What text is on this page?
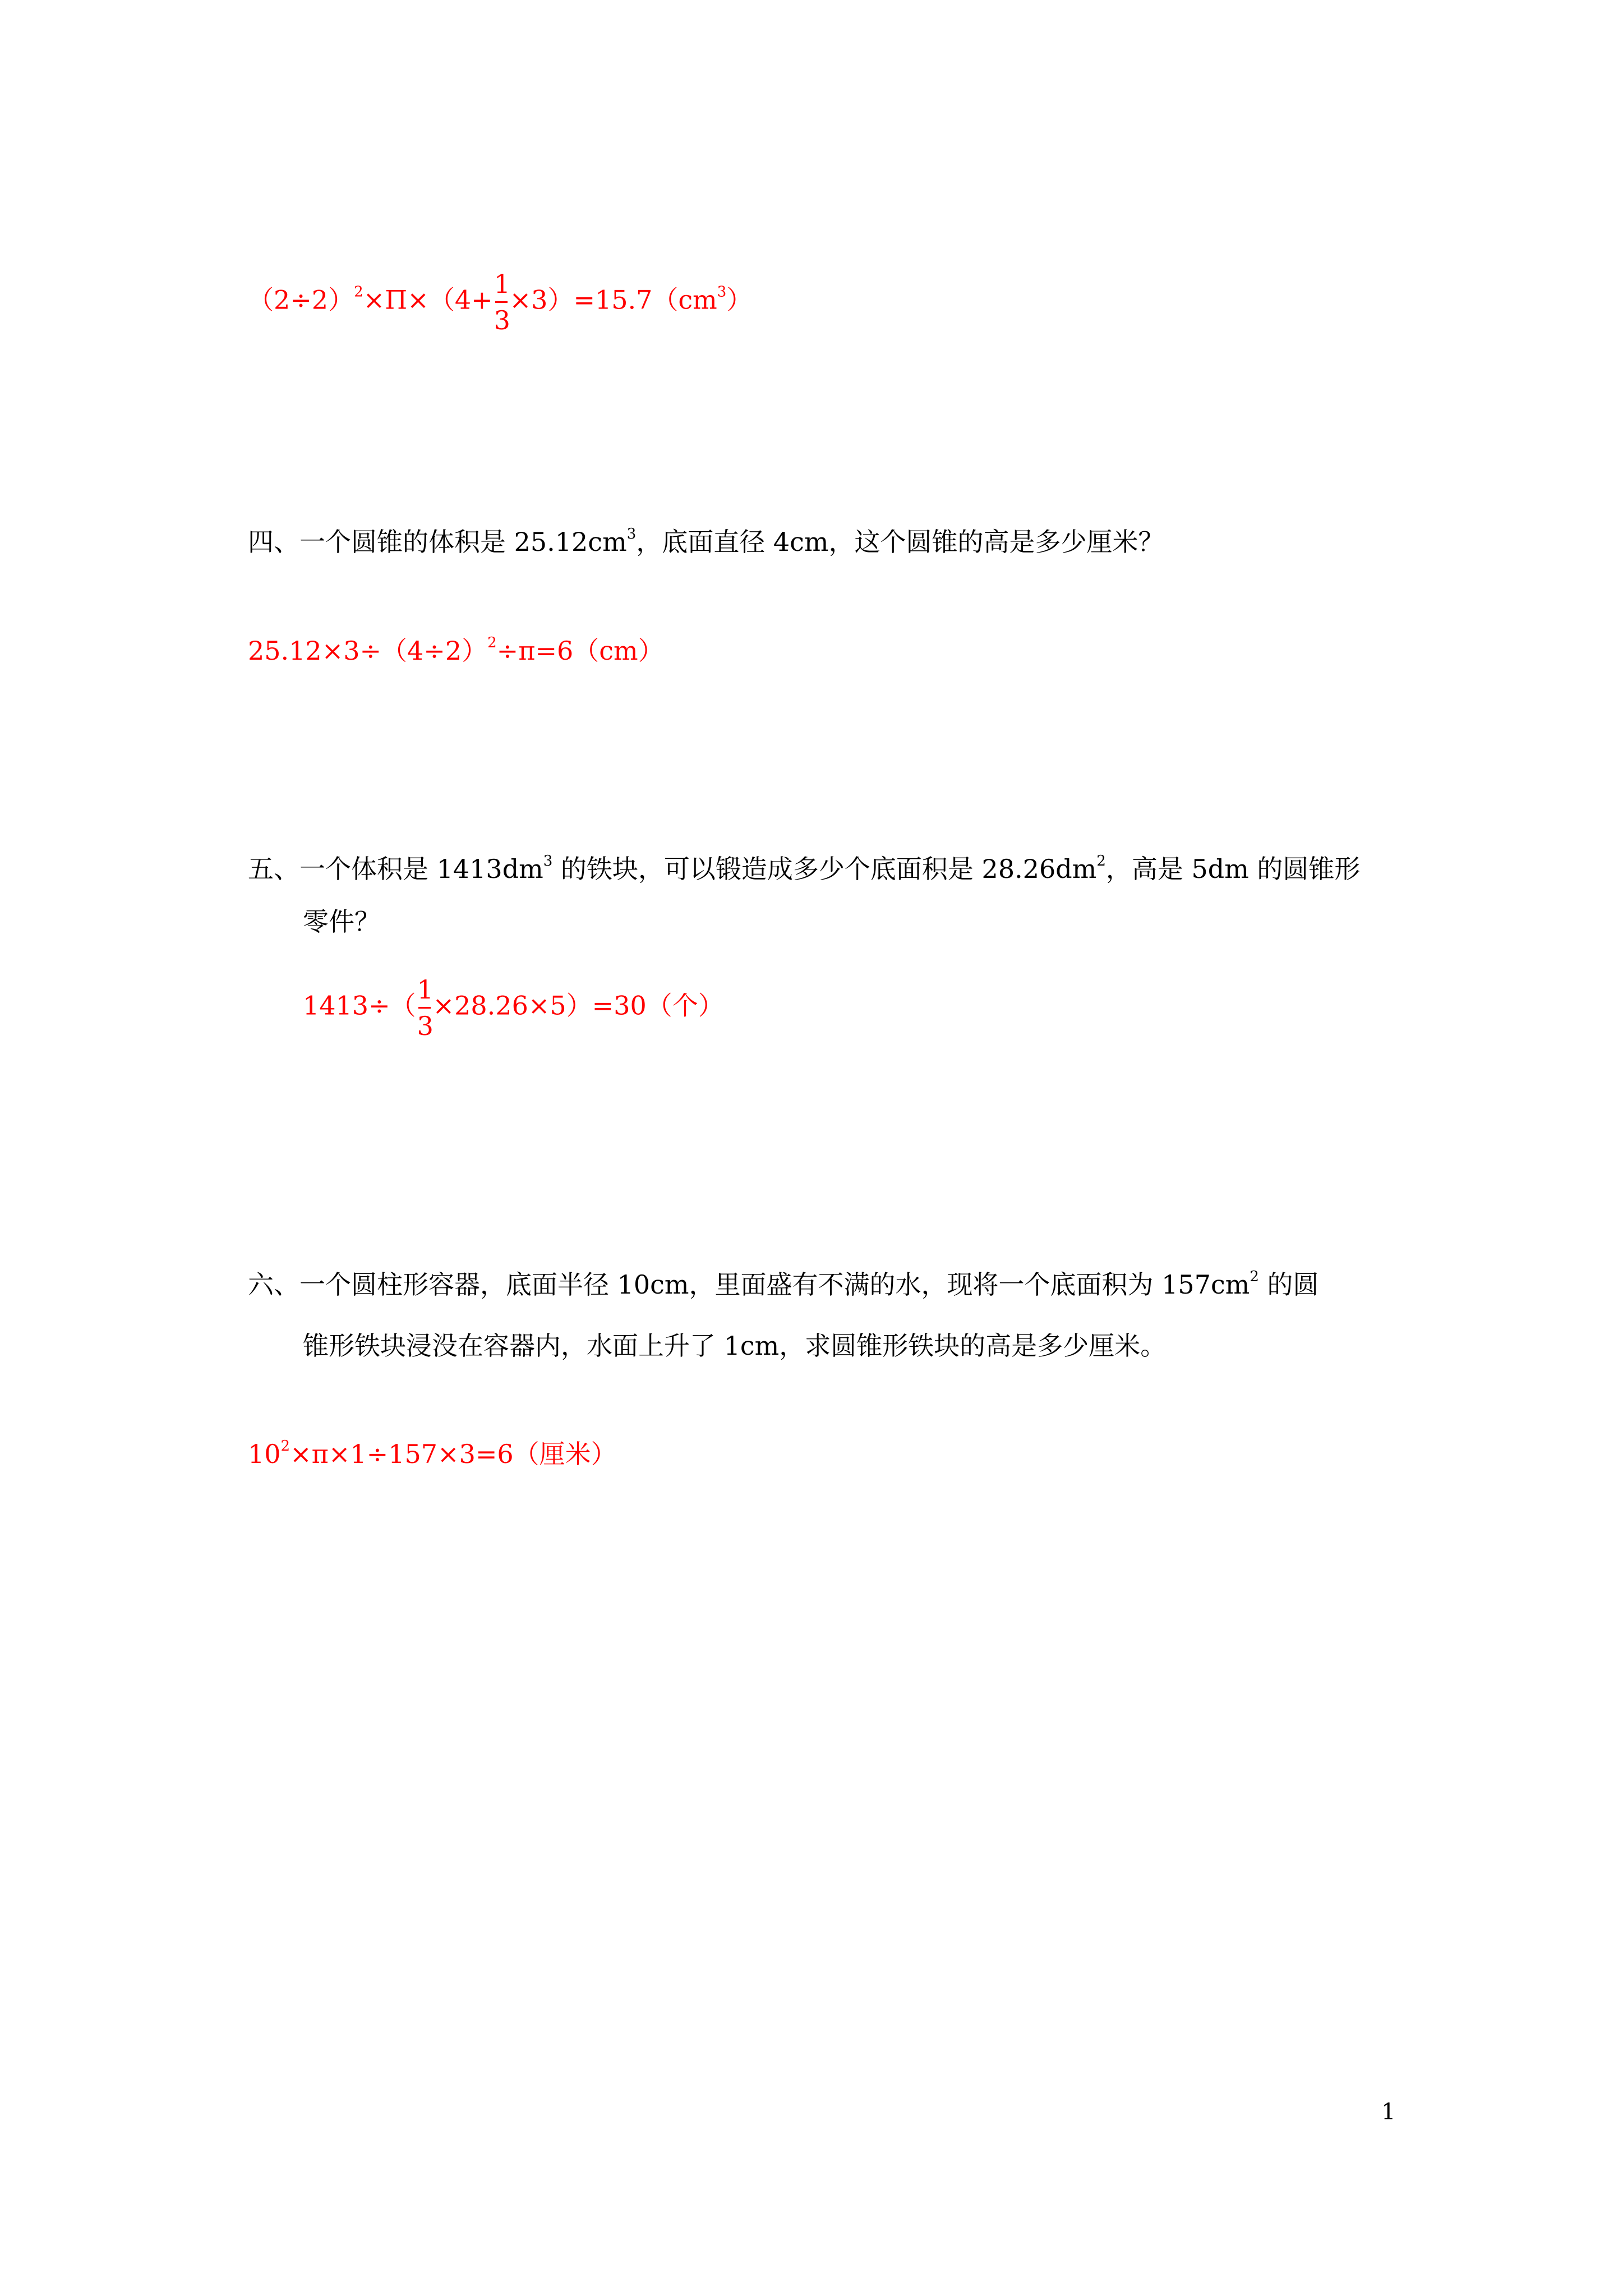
$(2\div 2)^2\times\Pi\times(4+ \frac{1}{3} \times 3)=15.7(cm^3)$
四、一个圆锥的体积是 $25.12cm^3$，底面直径 4cm，这个圆锥的高是多少厘米？
$25.12\times 3\div(4\div 2)^2\div\pi=6(cm)$
五、一个体积是 $1413dm^3$ 的铁块，可以锻造成多少个底面积是 $28.26dm^2$，高是 5dm 的圆锥形
零件？
$1413\div( \frac{1}{3} \times 28.26\times 5)=30$（个）
六、一个圆柱形容器，底面半径 10cm，里面盛有不满的水，现将一个底面积为 $157cm^2$ 的圆
锥形铁块浸没在容器内，水面上升了 1cm，求圆锥形铁块的高是多少厘米。
$10^2\times\pi\times 1\div 157\times 3=6$（厘米）
1
